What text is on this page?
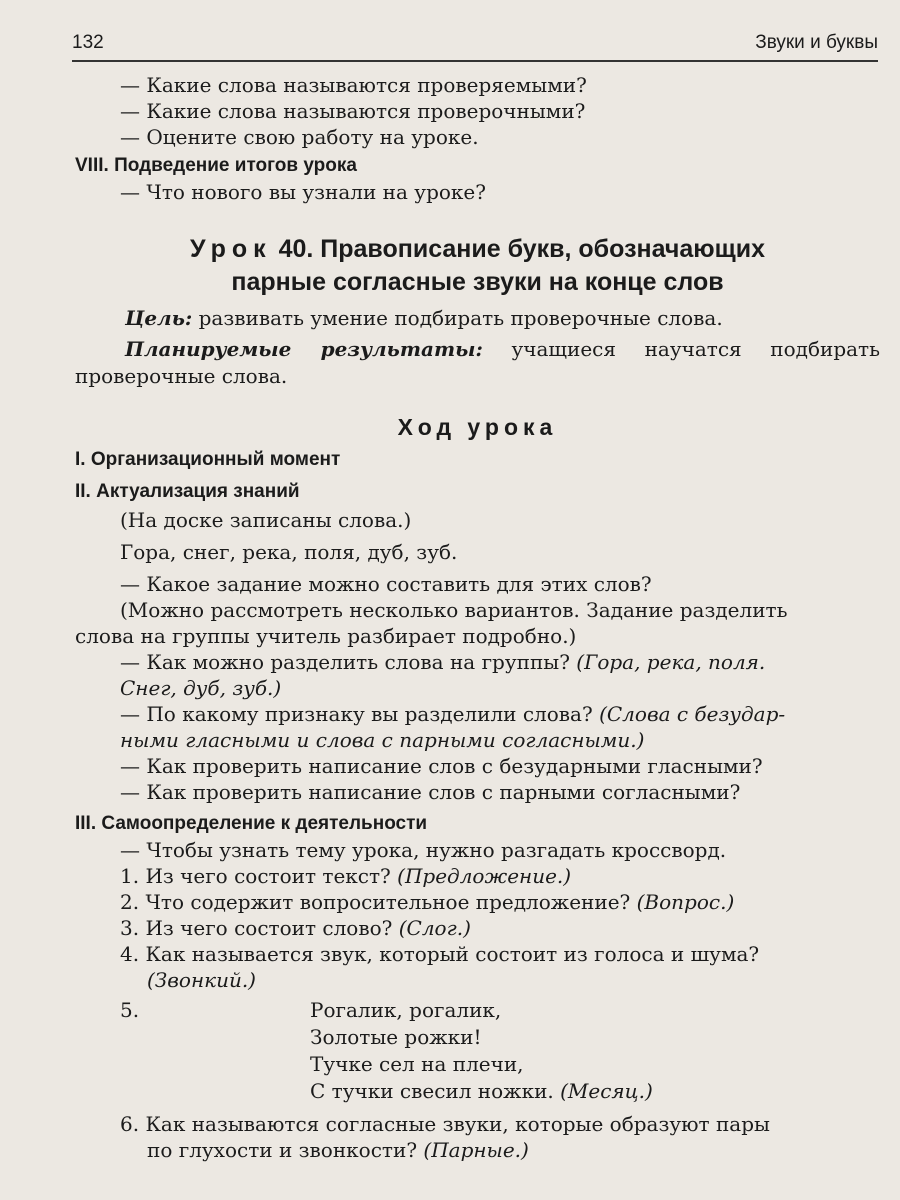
132	Звуки и буквы
— Какие слова называются проверяемыми?
— Какие слова называются проверочными?
— Оцените свою работу на уроке.
VIII. Подведение итогов урока
— Что нового вы узнали на уроке?
Урок 40. Правописание букв, обозначающих
парные согласные звуки на конце слов
Цель: развивать умение подбирать проверочные слова.
Планируемые результаты: учащиеся научатся подбирать проверочные слова.
Ход урока
I. Организационный момент
II. Актуализация знаний
(На доске записаны слова.)
Гора, снег, река, поля, дуб, зуб.
— Какое задание можно составить для этих слов?
(Можно рассмотреть несколько вариантов. Задание разделить
слова на группы учитель разбирает подробно.)
— Как можно разделить слова на группы? (Гора, река, поля.
Снег, дуб, зуб.)
— По какому признаку вы разделили слова? (Слова с безудар-
ными гласными и слова с парными согласными.)
— Как проверить написание слов с безударными гласными?
— Как проверить написание слов с парными согласными?
III. Самоопределение к деятельности
— Чтобы узнать тему урока, нужно разгадать кроссворд.
1. Из чего состоит текст? (Предложение.)
2. Что содержит вопросительное предложение? (Вопрос.)
3. Из чего состоит слово? (Слог.)
4. Как называется звук, который состоит из голоса и шума?
(Звонкий.)
5.	Рогалик, рогалик,
Золотые рожки!
Тучке сел на плечи,
С тучки свесил ножки. (Месяц.)
6. Как называются согласные звуки, которые образуют пары
по глухости и звонкости? (Парные.)
